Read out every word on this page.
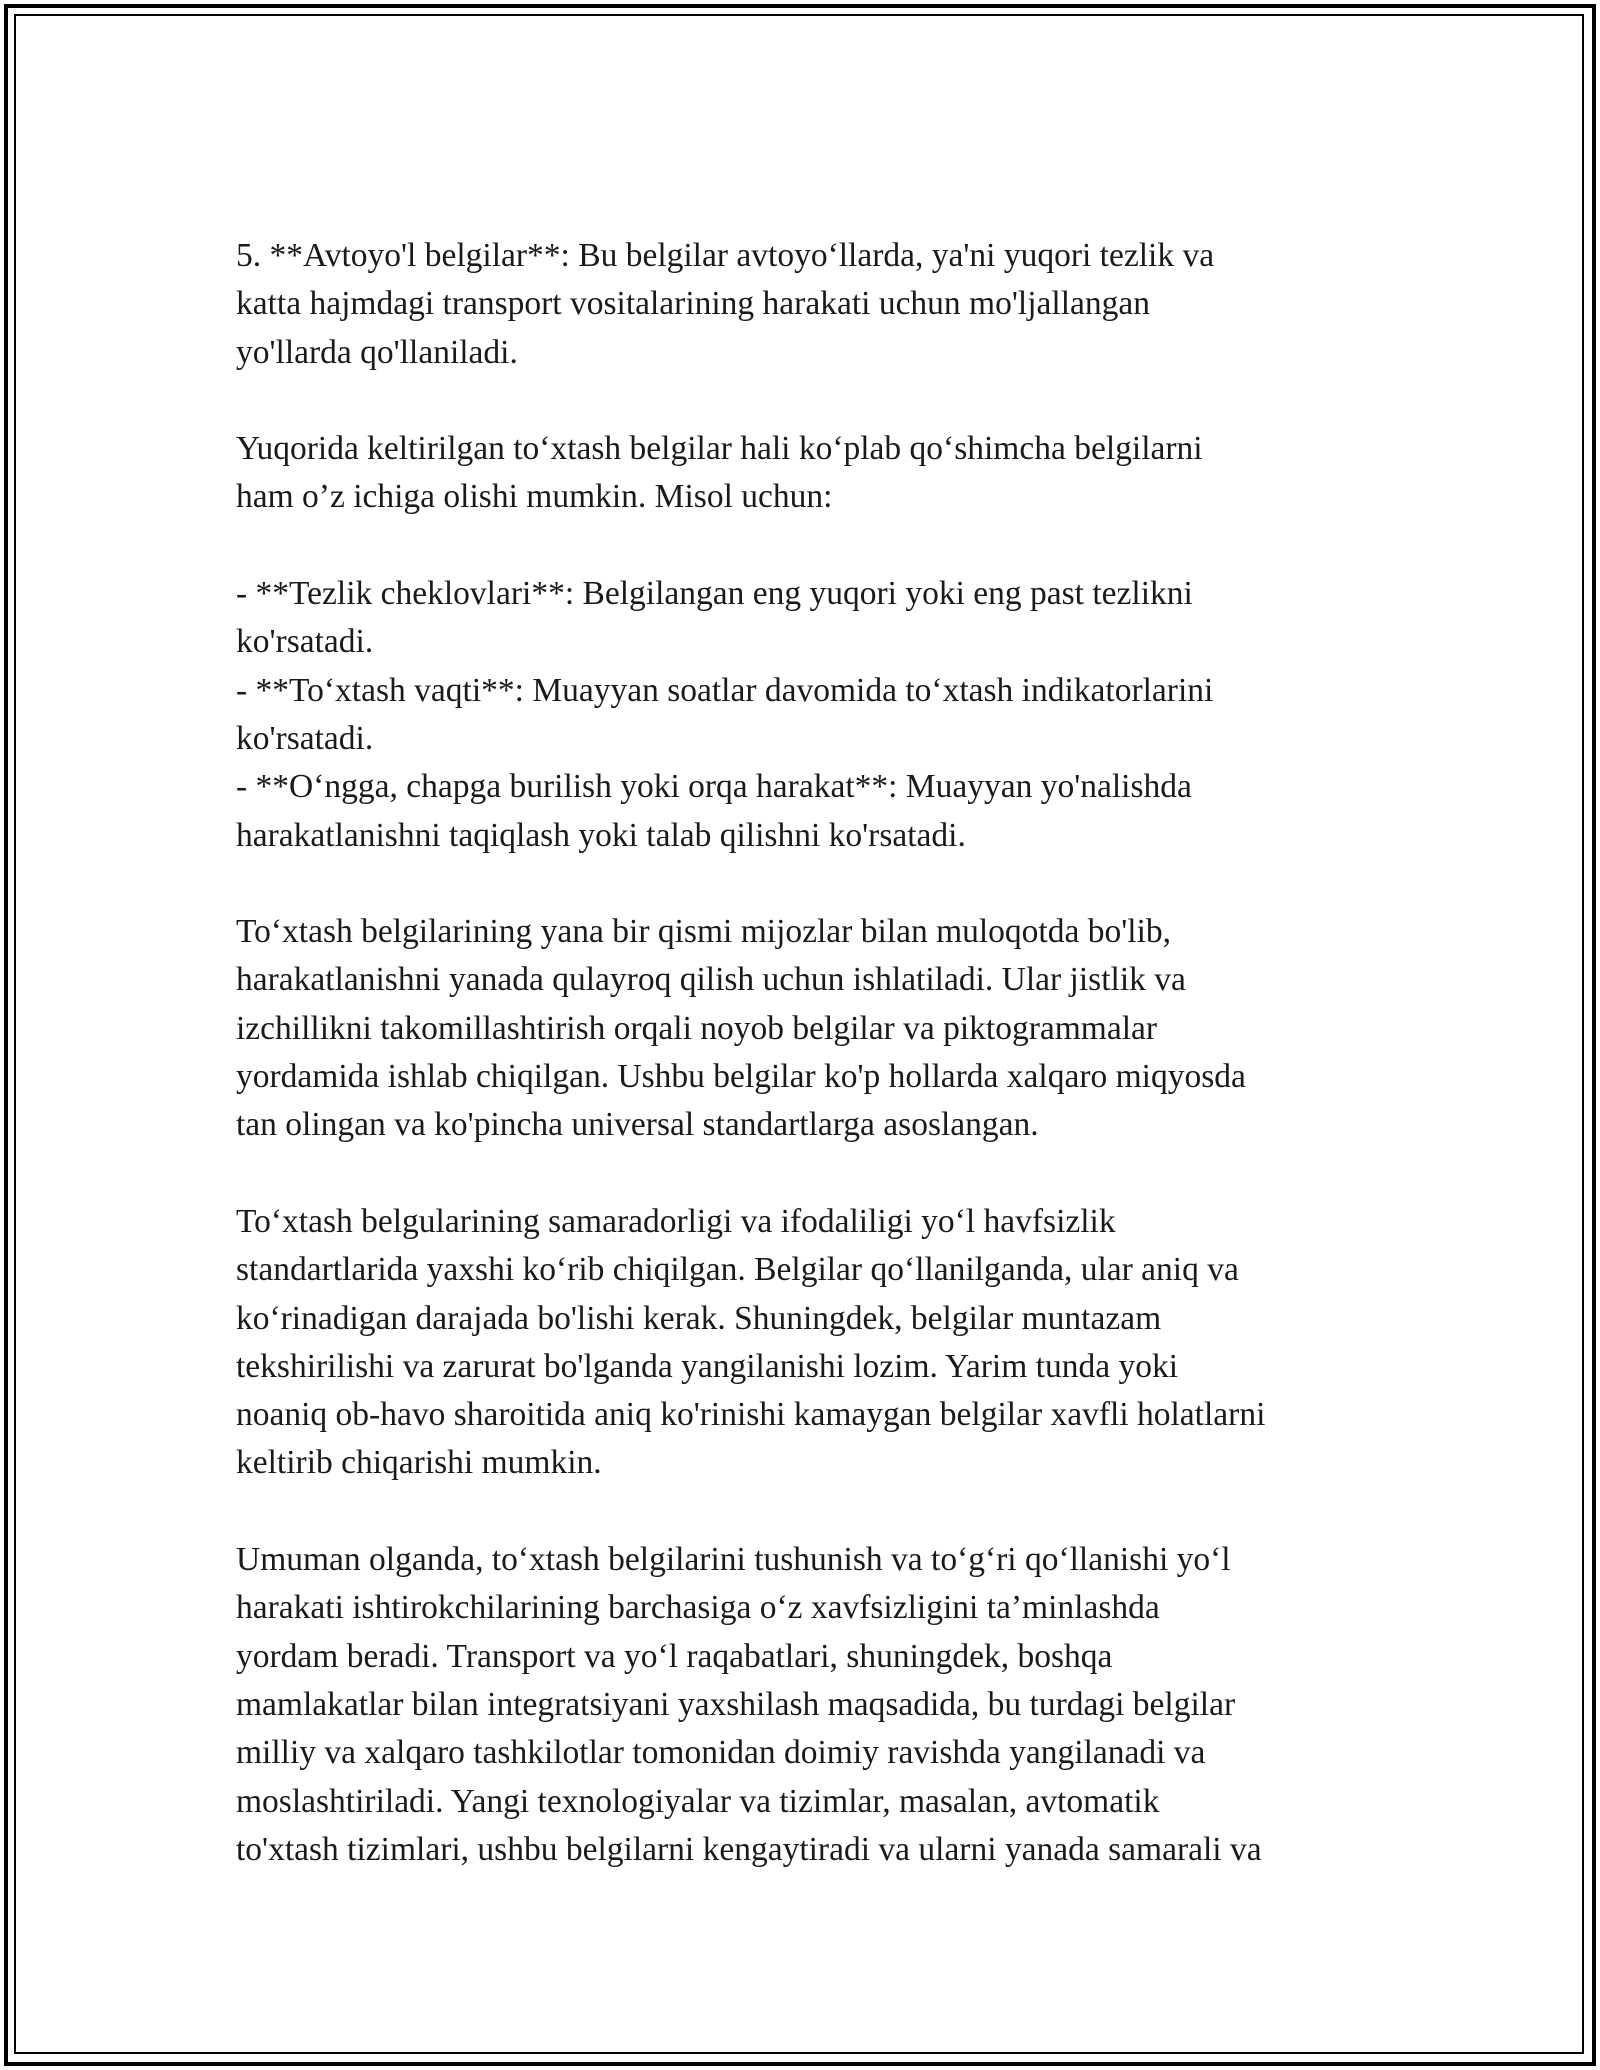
5. **Avtoyo'l belgilar**: Bu belgilar avtoyo‘llarda, ya'ni yuqori tezlik va
katta hajmdagi transport vositalarining harakati uchun mo'ljallangan
yo'llarda qo'llaniladi.

Yuqorida keltirilgan to‘xtash belgilar hali ko‘plab qo‘shimcha belgilarni
ham o’z ichiga olishi mumkin. Misol uchun:

- **Tezlik cheklovlari**: Belgilangan eng yuqori yoki eng past tezlikni
ko'rsatadi.
- **To‘xtash vaqti**: Muayyan soatlar davomida to‘xtash indikatorlarini
ko'rsatadi.
- **O‘ngga, chapga burilish yoki orqa harakat**: Muayyan yo'nalishda
harakatlanishni taqiqlash yoki talab qilishni ko'rsatadi.

To‘xtash belgilarining yana bir qismi mijozlar bilan muloqotda bo'lib,
harakatlanishni yanada qulayroq qilish uchun ishlatiladi. Ular jistlik va
izchillikni takomillashtirish orqali noyob belgilar va piktogrammalar
yordamida ishlab chiqilgan. Ushbu belgilar ko'p hollarda xalqaro miqyosda
tan olingan va ko'pincha universal standartlarga asoslangan.

To‘xtash belgularining samaradorligi va ifodaliligi yo‘l havfsizlik
standartlarida yaxshi ko‘rib chiqilgan. Belgilar qo‘llanilganda, ular aniq va
ko‘rinadigan darajada bo'lishi kerak. Shuningdek, belgilar muntazam
tekshirilishi va zarurat bo'lganda yangilanishi lozim. Yarim tunda yoki
noaniq ob-havo sharoitida aniq ko'rinishi kamaygan belgilar xavfli holatlarni
keltirib chiqarishi mumkin.

Umuman olganda, to‘xtash belgilarini tushunish va to‘g‘ri qo‘llanishi yo‘l
harakati ishtirokchilarining barchasiga o‘z xavfsizligini ta’minlashda
yordam beradi. Transport va yo‘l raqabatlari, shuningdek, boshqa
mamlakatlar bilan integratsiyani yaxshilash maqsadida, bu turdagi belgilar
milliy va xalqaro tashkilotlar tomonidan doimiy ravishda yangilanadi va
moslashtiriladi. Yangi texnologiyalar va tizimlar, masalan, avtomatik
to'xtash tizimlari, ushbu belgilarni kengaytiradi va ularni yanada samarali va
